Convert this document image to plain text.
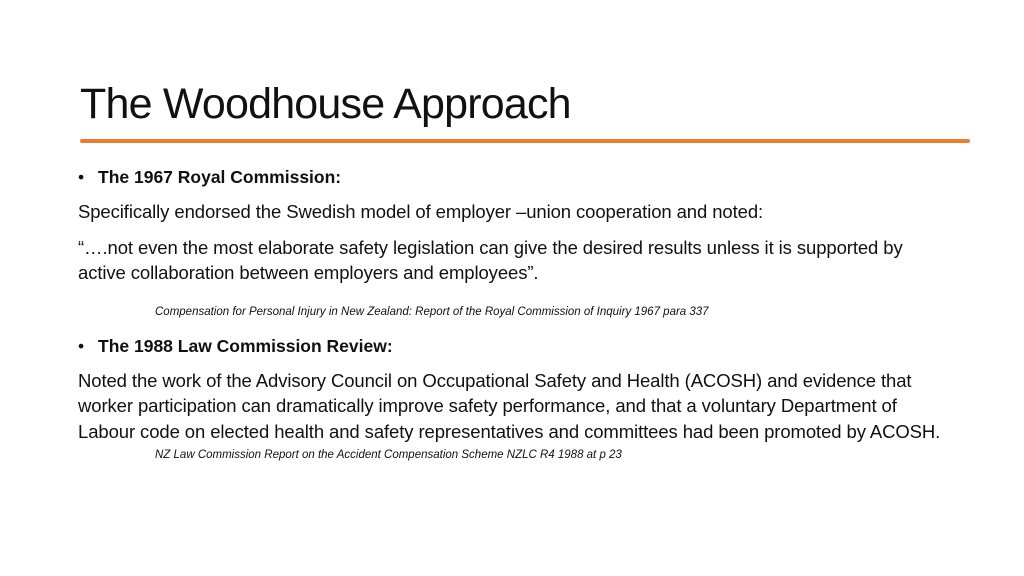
The Woodhouse Approach
• The 1967 Royal Commission:

Specifically endorsed the Swedish model of employer –union cooperation and noted:

“….not even the most elaborate safety legislation can give the desired results unless it is supported by active collaboration between employers and employees”.

Compensation for Personal Injury in New Zealand: Report of the Royal Commission of Inquiry 1967 para 337

• The 1988 Law Commission Review:

Noted the work of the Advisory Council on Occupational Safety and Health (ACOSH) and evidence that worker participation can dramatically improve safety performance, and that a voluntary Department of Labour code on elected health and safety representatives and committees had been promoted by ACOSH.

NZ Law Commission Report on the Accident Compensation Scheme NZLC R4 1988 at p 23
